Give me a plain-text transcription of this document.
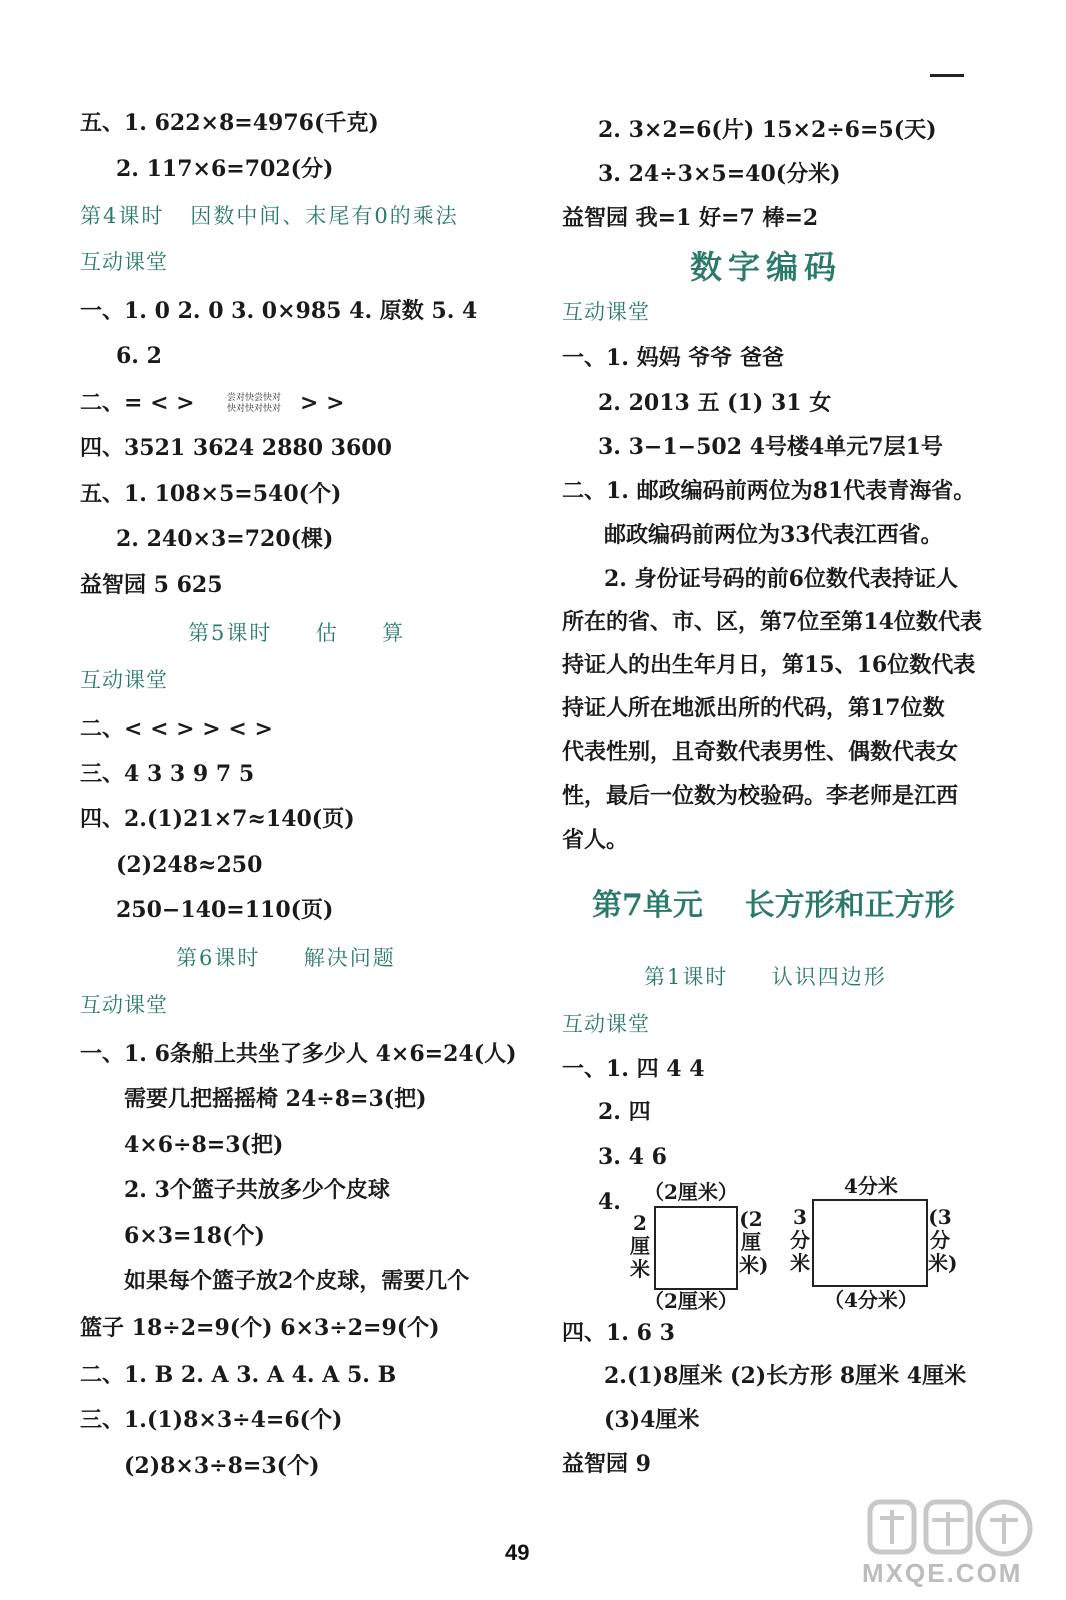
五、1. 622×8=4976(千克)
2. 117×6=702(分)
第4课时   因数中间、末尾有0的乘法
互动课堂
一、1. 0 2. 0 3. 0×985 4. 原数 5. 4
6. 2
二、= < >	尝对快尝快对
快对快对快对 > >
四、3521 3624 2880 3600
五、1. 108×5=540(个)
2. 240×3=720(棵)
益智园 5 625
第5课时     估     算
互动课堂
二、< < > > < >
三、4 3 3 9 7 5
四、2.(1)21×7≈140(页)
(2)248≈250
250−140=110(页)
第6课时     解决问题
互动课堂
一、1. 6条船上共坐了多少人 4×6=24(人)
需要几把摇摇椅 24÷8=3(把)
4×6÷8=3(把)
2. 3个篮子共放多少个皮球
6×3=18(个)
如果每个篮子放2个皮球，需要几个
篮子 18÷2=9(个) 6×3÷2=9(个)
二、1. B 2. A 3. A 4. A 5. B
三、1.(1)8×3÷4=6(个)
(2)8×3÷8=3(个)
2. 3×2=6(片) 15×2÷6=5(天)
3. 24÷3×5=40(分米)
益智园 我=1 好=7 棒=2
数字编码
互动课堂
一、1. 妈妈 爷爷 爸爸
2. 2013 五 (1) 31 女
3. 3−1−502 4号楼4单元7层1号
二、1. 邮政编码前两位为81代表青海省。
邮政编码前两位为33代表江西省。
2. 身份证号码的前6位数代表持证人
所在的省、市、区，第7位至第14位数代表
持证人的出生年月日，第15、16位数代表
持证人所在地派出所的代码，第17位数
代表性别，且奇数代表男性、偶数代表女
性，最后一位数为校验码。李老师是江西
省人。
第7单元    长方形和正方形
第1课时     认识四边形
互动课堂
一、1. 四 4 4
2. 四
3. 4 6
4. （2厘米）
2厘米
(2厘米)
（2厘米）
4分米
3分米
(3分米)
（4分米）
四、1. 6 3
2.(1)8厘米 (2)长方形 8厘米 4厘米
(3)4厘米
益智园 9
49
MXQE.COM
